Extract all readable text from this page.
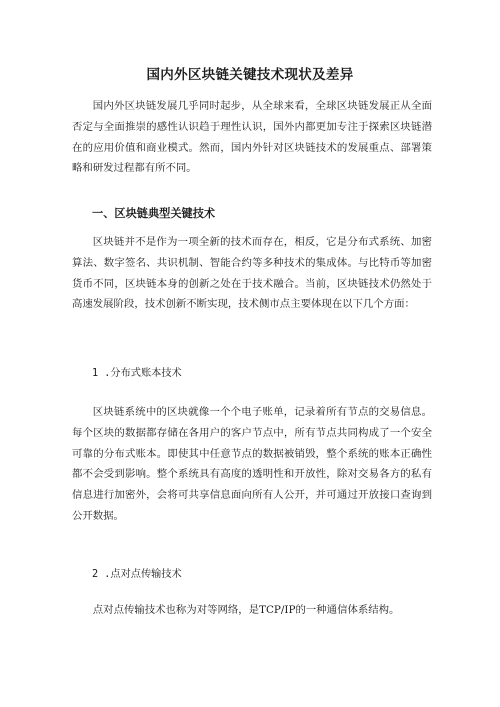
国内外区块链关键技术现状及差异

国内外区块链发展几乎同时起步，从全球来看，全球区块链发展正从全面否定与全面推崇的感性认识趋于理性认识，国外内都更加专注于探索区块链潜在的应用价值和商业模式。然而，国内外针对区块链技术的发展重点、部署策略和研发过程都有所不同。

一、区块链典型关键技术

区块链并不是作为一项全新的技术而存在，相反，它是分布式系统、加密算法、数字签名、共识机制、智能合约等多种技术的集成体。与比特币等加密货币不同，区块链本身的创新之处在于技术融合。当前，区块链技术仍然处于高速发展阶段，技术创新不断实现，技术侧市点主要体现在以下几个方面：

1 .分布式账本技术

区块链系统中的区块就像一个个电子账单，记录着所有节点的交易信息。每个区块的数据都存储在各用户的客户节点中，所有节点共同构成了一个安全可靠的分布式账本。即使其中任意节点的数据被销毁，整个系统的账本正确性都不会受到影响。整个系统具有高度的透明性和开放性，除对交易各方的私有信息进行加密外，会将可共享信息面向所有人公开，并可通过开放接口查询到公开数据。

2 .点对点传输技术

点对点传输技术也称为对等网络，是TCP/IP的一种通信体系结构。
